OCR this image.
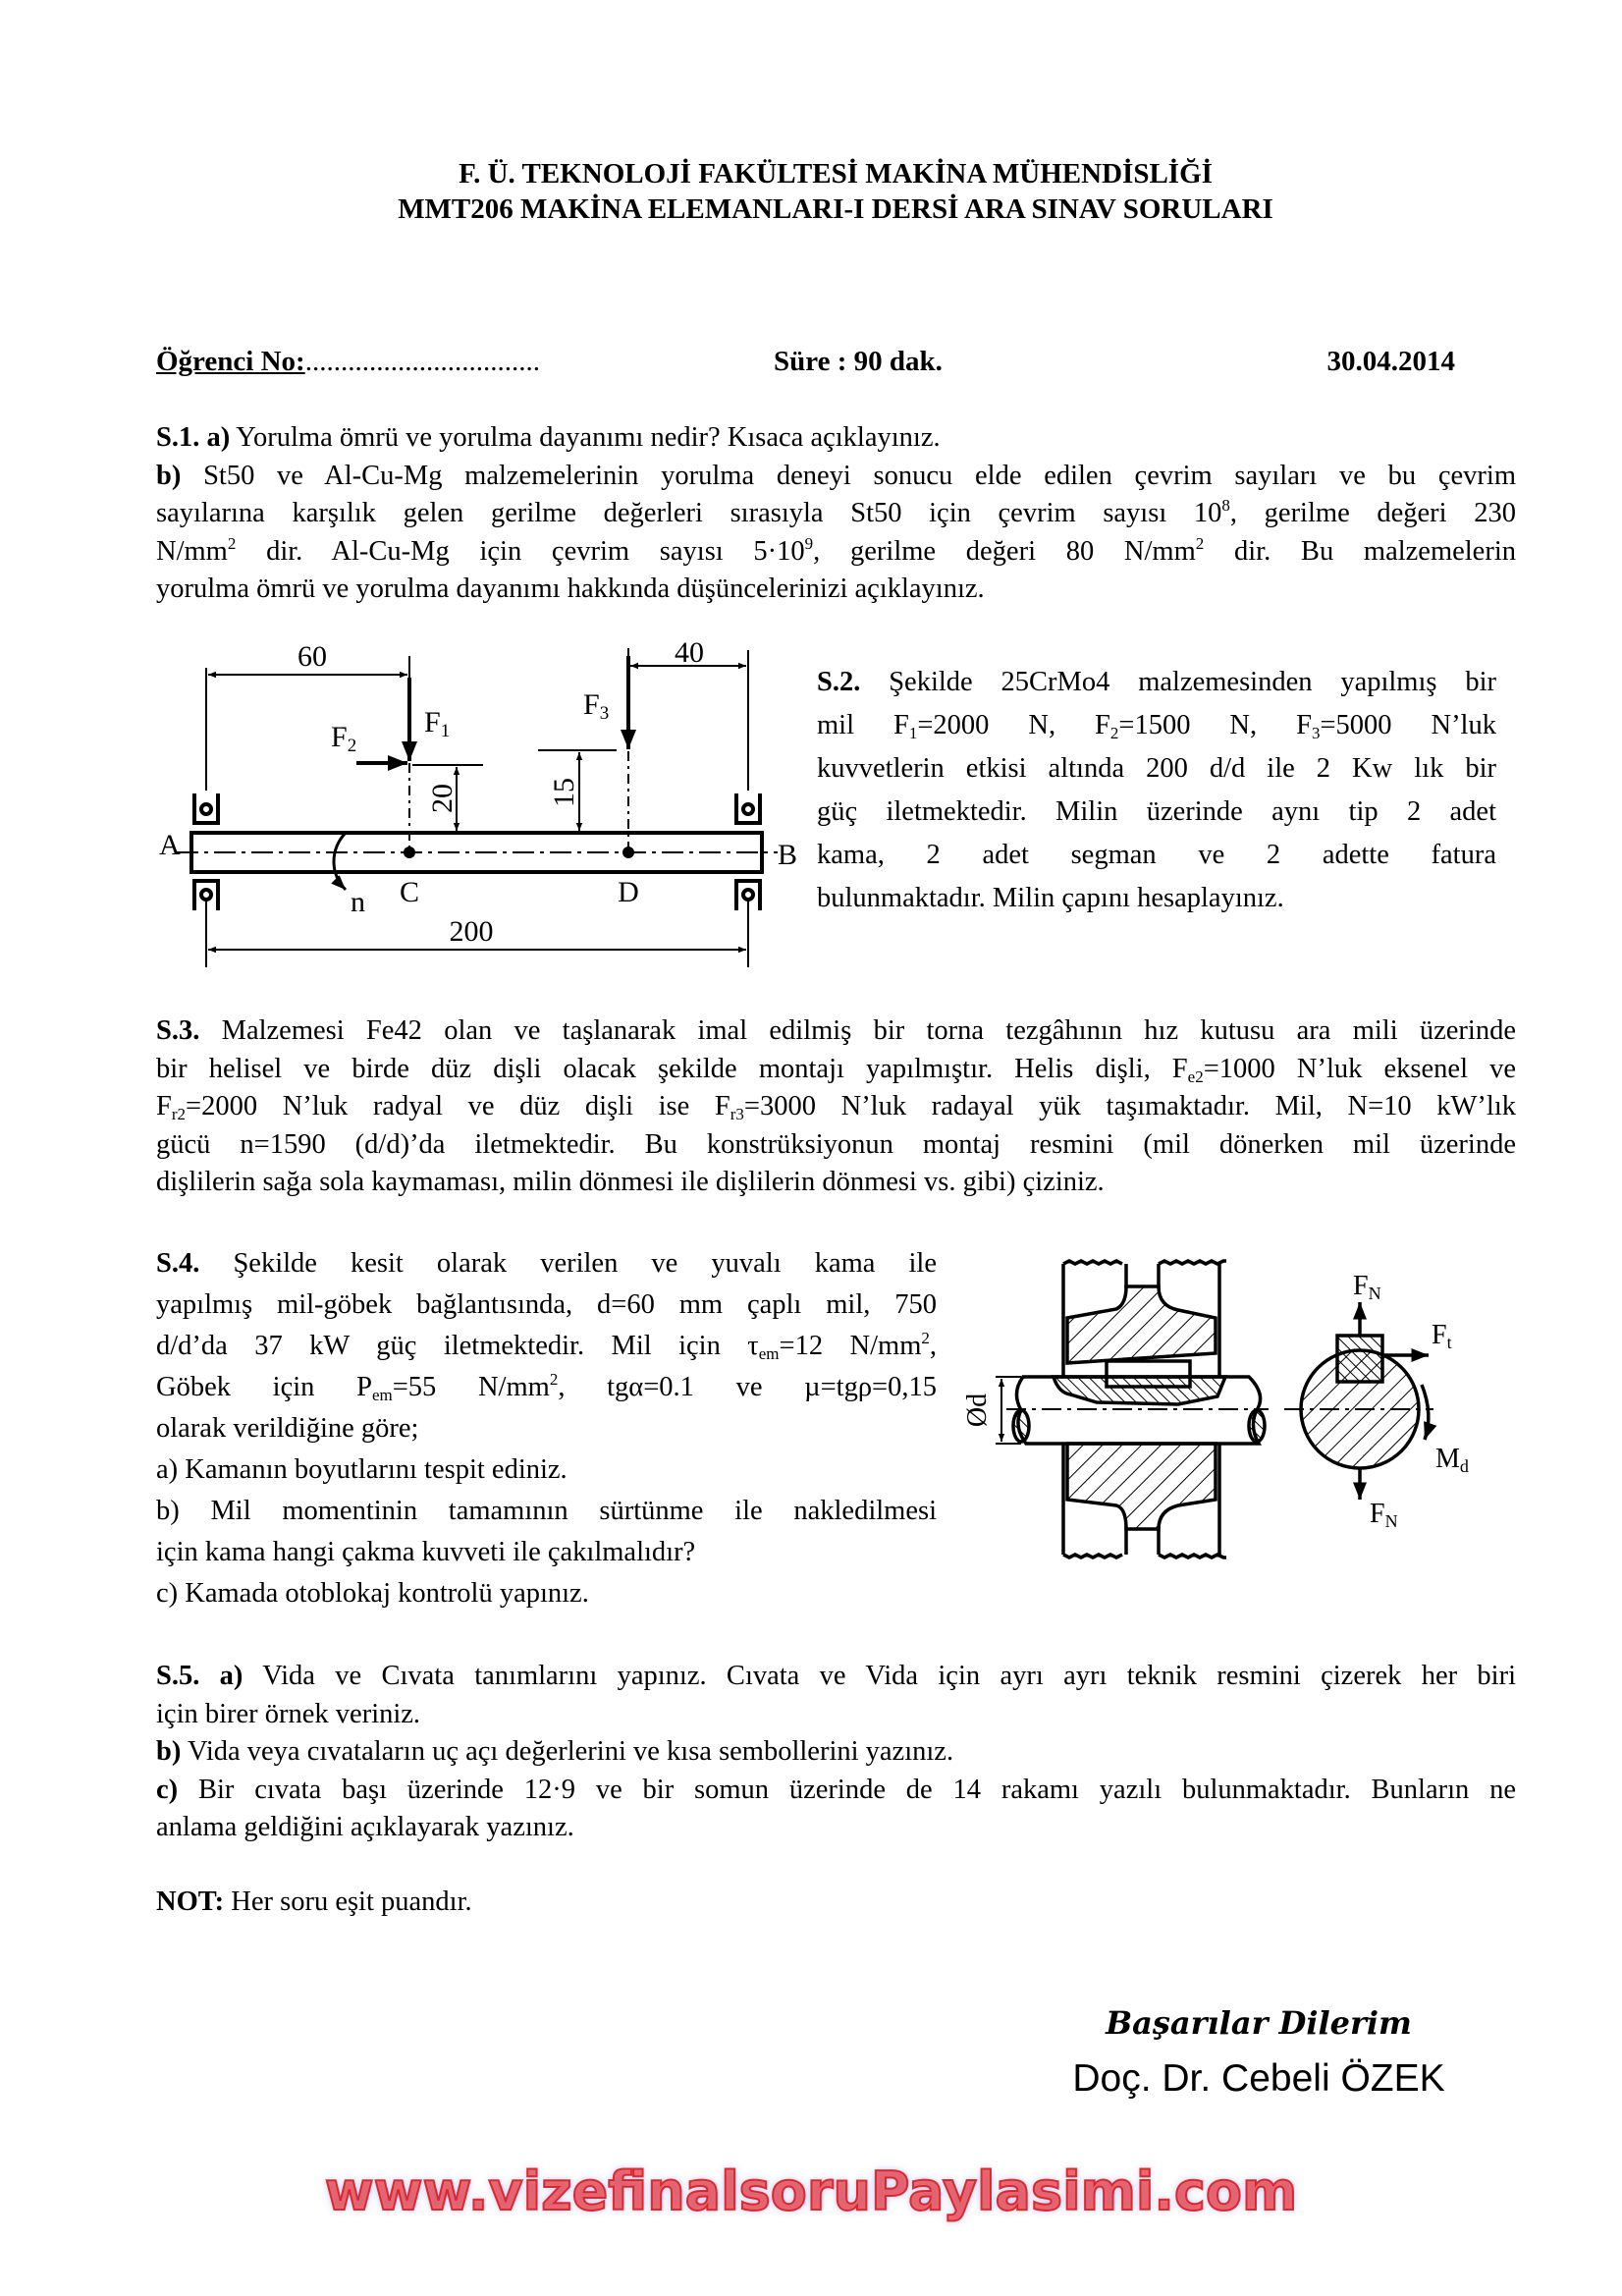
F. Ü. TEKNOLOJİ FAKÜLTESİ MAKİNA MÜHENDİSLİĞİ
MMT206 MAKİNA ELEMANLARI-I DERSİ ARA SINAV SORULARI
Öğrenci No:.................................	Süre : 90 dak.	30.04.2014
S.1. a) Yorulma ömrü ve yorulma dayanımı nedir? Kısaca açıklayınız.
b) St50 ve Al-Cu-Mg malzemelerinin yorulma deneyi sonucu elde edilen çevrim sayıları ve bu çevrim
sayılarına karşılık gelen gerilme değerleri sırasıyla St50 için çevrim sayısı $10^8$, gerilme değeri 230
$N/mm^2$ dir. Al-Cu-Mg için çevrim sayısı $5\cdot 10^9$, gerilme değeri 80 $N/mm^2$ dir. Bu malzemelerin
yorulma ömrü ve yorulma dayanımı hakkında düşüncelerinizi açıklayınız.
S.2. Şekilde 25CrMo4 malzemesinden yapılmış bir
mil $F_1=2000$ N, $F_2=1500$ N, $F_3=5000$ N’luk
kuvvetlerin etkisi altında 200 d/d ile 2 Kw lık bir
güç iletmektedir. Milin üzerinde aynı tip 2 adet
kama, 2 adet segman ve 2 adette fatura
bulunmaktadır. Milin çapını hesaplayınız.
S.3. Malzemesi Fe42 olan ve taşlanarak imal edilmiş bir torna tezgâhının hız kutusu ara mili üzerinde
bir helisel ve birde düz dişli olacak şekilde montajı yapılmıştır. Helis dişli, $F_{e2}=1000$ N’luk eksenel ve
$F_{r2}=2000$ N’luk radyal ve düz dişli ise $F_{r3}=3000$ N’luk radayal yük taşımaktadır. Mil, N=10 kW’lık
gücü n=1590 (d/d)’da iletmektedir. Bu konstrüksiyonun montaj resmini (mil dönerken mil üzerinde
dişlilerin sağa sola kaymaması, milin dönmesi ile dişlilerin dönmesi vs. gibi) çiziniz.
S.4. Şekilde kesit olarak verilen ve yuvalı kama ile
yapılmış mil-göbek bağlantısında, d=60 mm çaplı mil, 750
d/d’da 37 kW güç iletmektedir. Mil için $\tau_{em}=12$ $N/mm^2$,
Göbek için $P_{em}=55$ $N/mm^2$, tgα=0.1 ve µ=tgρ=0,15
olarak verildiğine göre;
a) Kamanın boyutlarını tespit ediniz.
b) Mil momentinin tamamının sürtünme ile nakledilmesi
için kama hangi çakma kuvveti ile çakılmalıdır?
c) Kamada otoblokaj kontrolü yapınız.
S.5. a) Vida ve Cıvata tanımlarını yapınız. Cıvata ve Vida için ayrı ayrı teknik resmini çizerek her biri
için birer örnek veriniz.
b) Vida veya cıvataların uç açı değerlerini ve kısa sembollerini yazınız.
c) Bir cıvata başı üzerinde 12·9 ve bir somun üzerinde de 14 rakamı yazılı bulunmaktadır. Bunların ne
anlama geldiğini açıklayarak yazınız.
NOT: Her soru eşit puandır.
60	40
200
20	15
F1
F2
F3
A	B
C	D
n
Ød
FN
Ft
Md
FN
Başarılar Dilerim
Doç. Dr. Cebeli ÖZEK
www.vizefinalsoruPaylasimi.com
